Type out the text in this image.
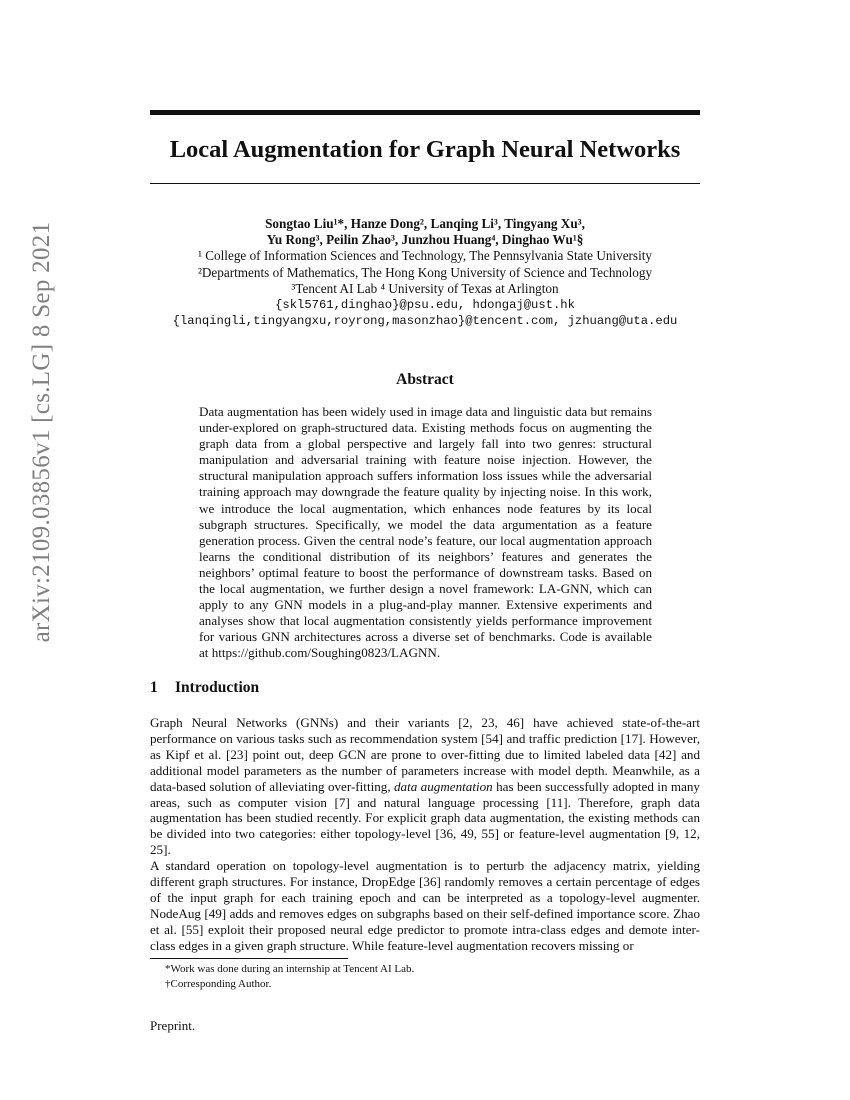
arXiv:2109.03856v1 [cs.LG] 8 Sep 2021
Local Augmentation for Graph Neural Networks
Songtao Liu¹*, Hanze Dong², Lanqing Li³, Tingyang Xu³,
Yu Rong³, Peilin Zhao³, Junzhou Huang⁴, Dinghao Wu¹§
¹ College of Information Sciences and Technology, The Pennsylvania State University
²Departments of Mathematics, The Hong Kong University of Science and Technology
³Tencent AI Lab ⁴ University of Texas at Arlington
{skl5761,dinghao}@psu.edu, hdongaj@ust.hk
{lanqingli,tingyangxu,royrong,masonzhao}@tencent.com, jzhuang@uta.edu
Abstract
Data augmentation has been widely used in image data and linguistic data but remains under-explored on graph-structured data. Existing methods focus on augmenting the graph data from a global perspective and largely fall into two genres: structural manipulation and adversarial training with feature noise injection. However, the structural manipulation approach suffers information loss issues while the adversarial training approach may downgrade the feature quality by injecting noise. In this work, we introduce the local augmentation, which enhances node features by its local subgraph structures. Specifically, we model the data argumentation as a feature generation process. Given the central node’s feature, our local augmentation approach learns the conditional distribution of its neighbors’ features and generates the neighbors’ optimal feature to boost the performance of downstream tasks. Based on the local augmentation, we further design a novel framework: LA-GNN, which can apply to any GNN models in a plug-and-play manner. Extensive experiments and analyses show that local augmentation consistently yields performance improvement for various GNN architectures across a diverse set of benchmarks. Code is available at https://github.com/Soughing0823/LAGNN.
1 Introduction
Graph Neural Networks (GNNs) and their variants [2, 23, 46] have achieved state-of-the-art performance on various tasks such as recommendation system [54] and traffic prediction [17]. However, as Kipf et al. [23] point out, deep GCN are prone to over-fitting due to limited labeled data [42] and additional model parameters as the number of parameters increase with model depth. Meanwhile, as a data-based solution of alleviating over-fitting, data augmentation has been successfully adopted in many areas, such as computer vision [7] and natural language processing [11]. Therefore, graph data augmentation has been studied recently. For explicit graph data augmentation, the existing methods can be divided into two categories: either topology-level [36, 49, 55] or feature-level augmentation [9, 12, 25].
A standard operation on topology-level augmentation is to perturb the adjacency matrix, yielding different graph structures. For instance, DropEdge [36] randomly removes a certain percentage of edges of the input graph for each training epoch and can be interpreted as a topology-level augmenter. NodeAug [49] adds and removes edges on subgraphs based on their self-defined importance score. Zhao et al. [55] exploit their proposed neural edge predictor to promote intra-class edges and demote inter-class edges in a given graph structure. While feature-level augmentation recovers missing or
*Work was done during an internship at Tencent AI Lab.
†Corresponding Author.
Preprint.
